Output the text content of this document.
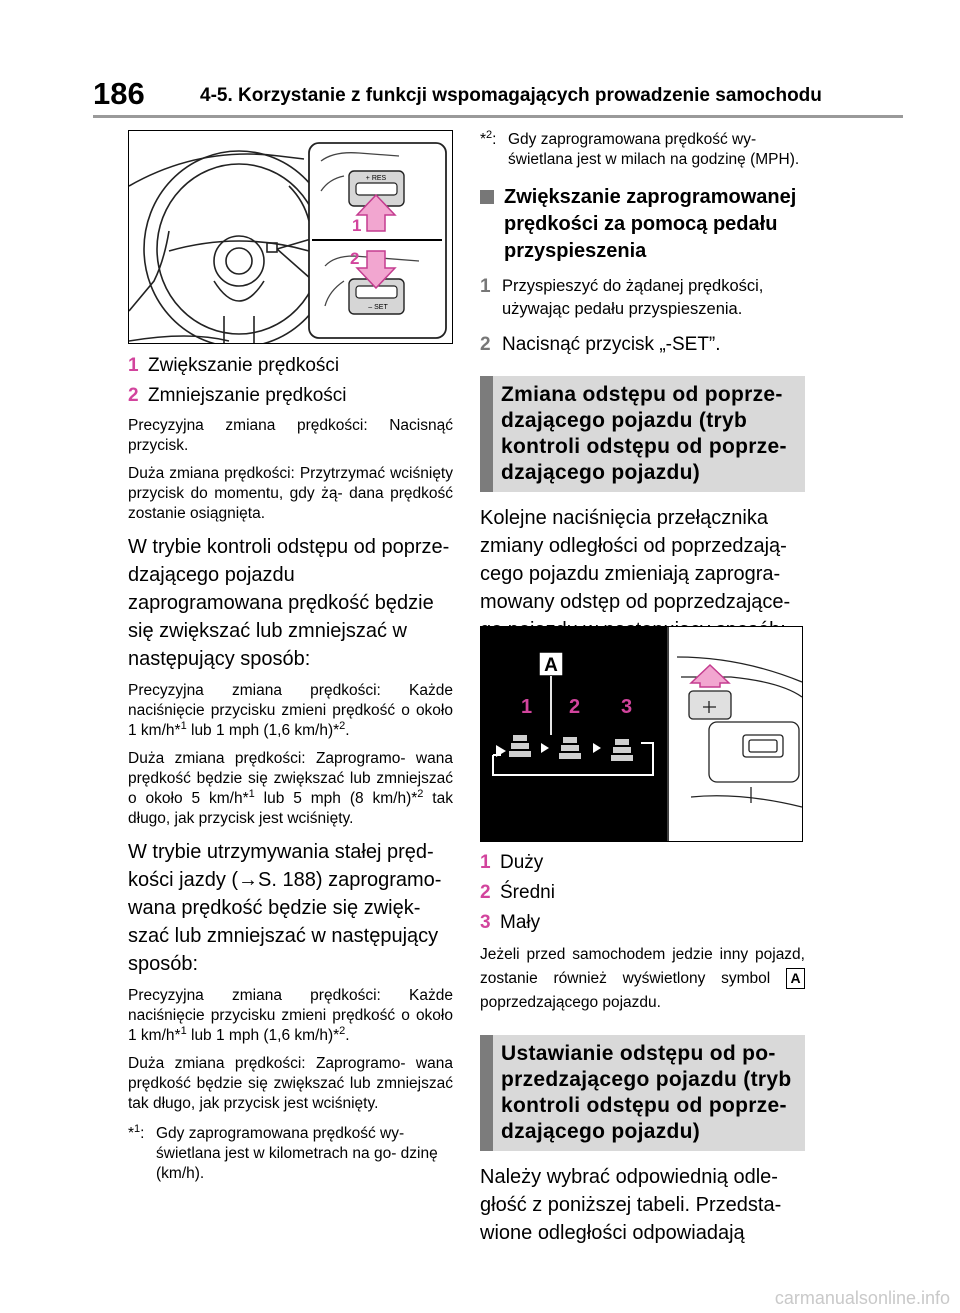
186	4-5. Korzystanie z funkcji wspomagających prowadzenie samochodu
+ RES
– SET
1
2
1 Zwiększanie prędkości
2 Zmniejszanie prędkości

Precyzyjna zmiana prędkości: Nacisnąć przycisk.

Duża zmiana prędkości: Przytrzymać wciśnięty przycisk do momentu, gdy żą- dana prędkość zostanie osiągnięta.

W trybie kontroli odstępu od poprze- dzającego pojazdu zaprogramowana prędkość będzie się zwiększać lub zmniejszać w następujący sposób:

Precyzyjna zmiana prędkości: Każde naciśnięcie przycisku zmieni prędkość o około 1 km/h*$^1$ lub 1 mph (1,6 km/h)*$^2$.

Duża zmiana prędkości: Zaprogramo- wana prędkość będzie się zwiększać lub zmniejszać o około 5 km/h*$^1$ lub 5 mph (8 km/h)*$^2$ tak długo, jak przycisk jest wciśnięty.

W trybie utrzymywania stałej pręd- kości jazdy (→S. 188) zaprogramo- wana prędkość będzie się zwięk- szać lub zmniejszać w następujący sposób:

Precyzyjna zmiana prędkości: Każde naciśnięcie przycisku zmieni prędkość o około 1 km/h*$^1$ lub 1 mph (1,6 km/h)*$^2$.

Duża zmiana prędkości: Zaprogramo- wana prędkość będzie się zwiększać lub zmniejszać tak długo, jak przycisk jest wciśnięty.

*$^1$: Gdy zaprogramowana prędkość wy- świetlana jest w kilometrach na go- dzinę (km/h).
*$^2$: Gdy zaprogramowana prędkość wy- świetlana jest w milach na godzinę (MPH).
Zwiększanie zaprogramowanej prędkości za pomocą pedału przyspieszenia
1 Przyspieszyć do żądanej prędkości, używając pedału przyspieszenia.
2 Nacisnąć przycisk „-SET”.
Zmiana odstępu od poprze- dzającego pojazdu (tryb kontroli odstępu od poprze- dzającego pojazdu)

Kolejne naciśnięcia przełącznika zmiany odległości od poprzedzają- cego pojazdu zmieniają zaprogra- mowany odstęp od poprzedzające-

A
1 2 3
1 Duży
2 Średni
3 Mały

Jeżeli przed samochodem jedzie inny pojazd, zostanie również wyświetlony symbol A poprzedzającego pojazdu.

Ustawianie odstępu od po- przedzającego pojazdu (tryb kontroli odstępu od poprze- dzającego pojazdu)

Należy wybrać odpowiednią odle- głość z poniższej tabeli. Przedsta- wione odległości odpowiadają

carmanualsonline.info
